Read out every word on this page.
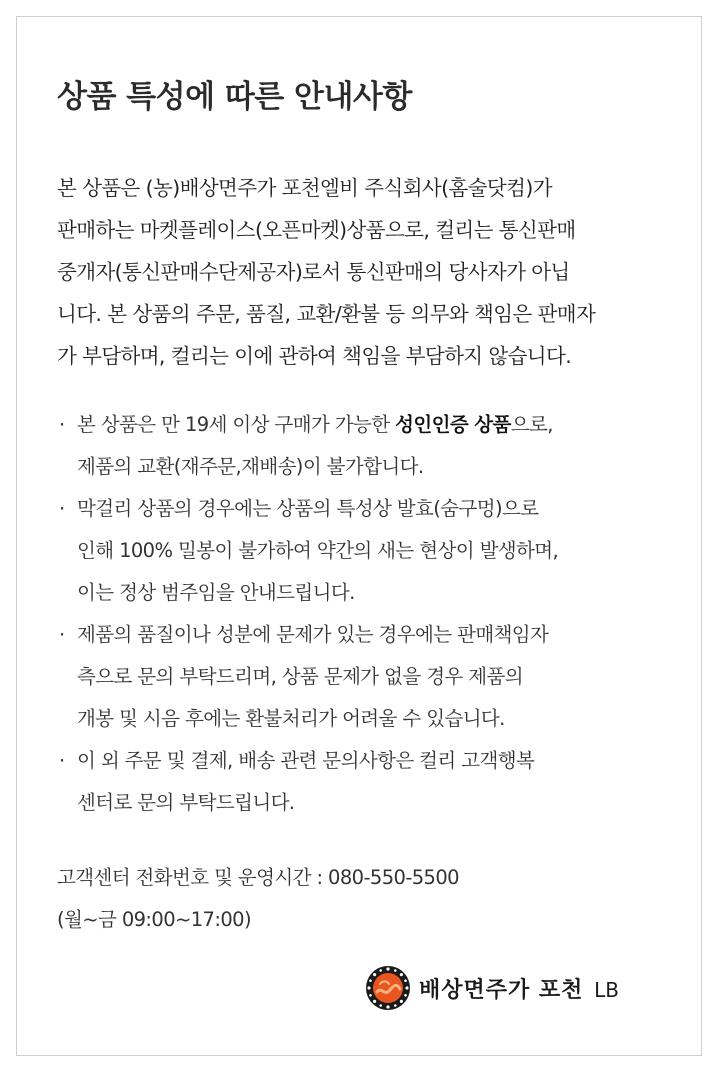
상품 특성에 따른 안내사항
본 상품은 (농)배상면주가 포천엘비 주식회사(홈술닷컴)가
판매하는 마켓플레이스(오픈마켓)상품으로, 컬리는 통신판매
중개자(통신판매수단제공자)로서 통신판매의 당사자가 아닙
니다. 본 상품의 주문, 품질, 교환/환불 등 의무와 책임은 판매자
가 부담하며, 컬리는 이에 관하여 책임을 부담하지 않습니다.
· 본 상품은 만 19세 이상 구매가 가능한 성인인증 상품으로,
제품의 교환(재주문,재배송)이 불가합니다.
· 막걸리 상품의 경우에는 상품의 특성상 발효(숨구멍)으로
인해 100% 밀봉이 불가하여 약간의 새는 현상이 발생하며,
이는 정상 범주임을 안내드립니다.
· 제품의 품질이나 성분에 문제가 있는 경우에는 판매책임자
측으로 문의 부탁드리며, 상품 문제가 없을 경우 제품의
개봉 및 시음 후에는 환불처리가 어려울 수 있습니다.
· 이 외 주문 및 결제, 배송 관련 문의사항은 컬리 고객행복
센터로 문의 부탁드립니다.
고객센터 전화번호 및 운영시간 : 080-550-5500
(월~금 09:00~17:00)
배상면주가 포천 LB
